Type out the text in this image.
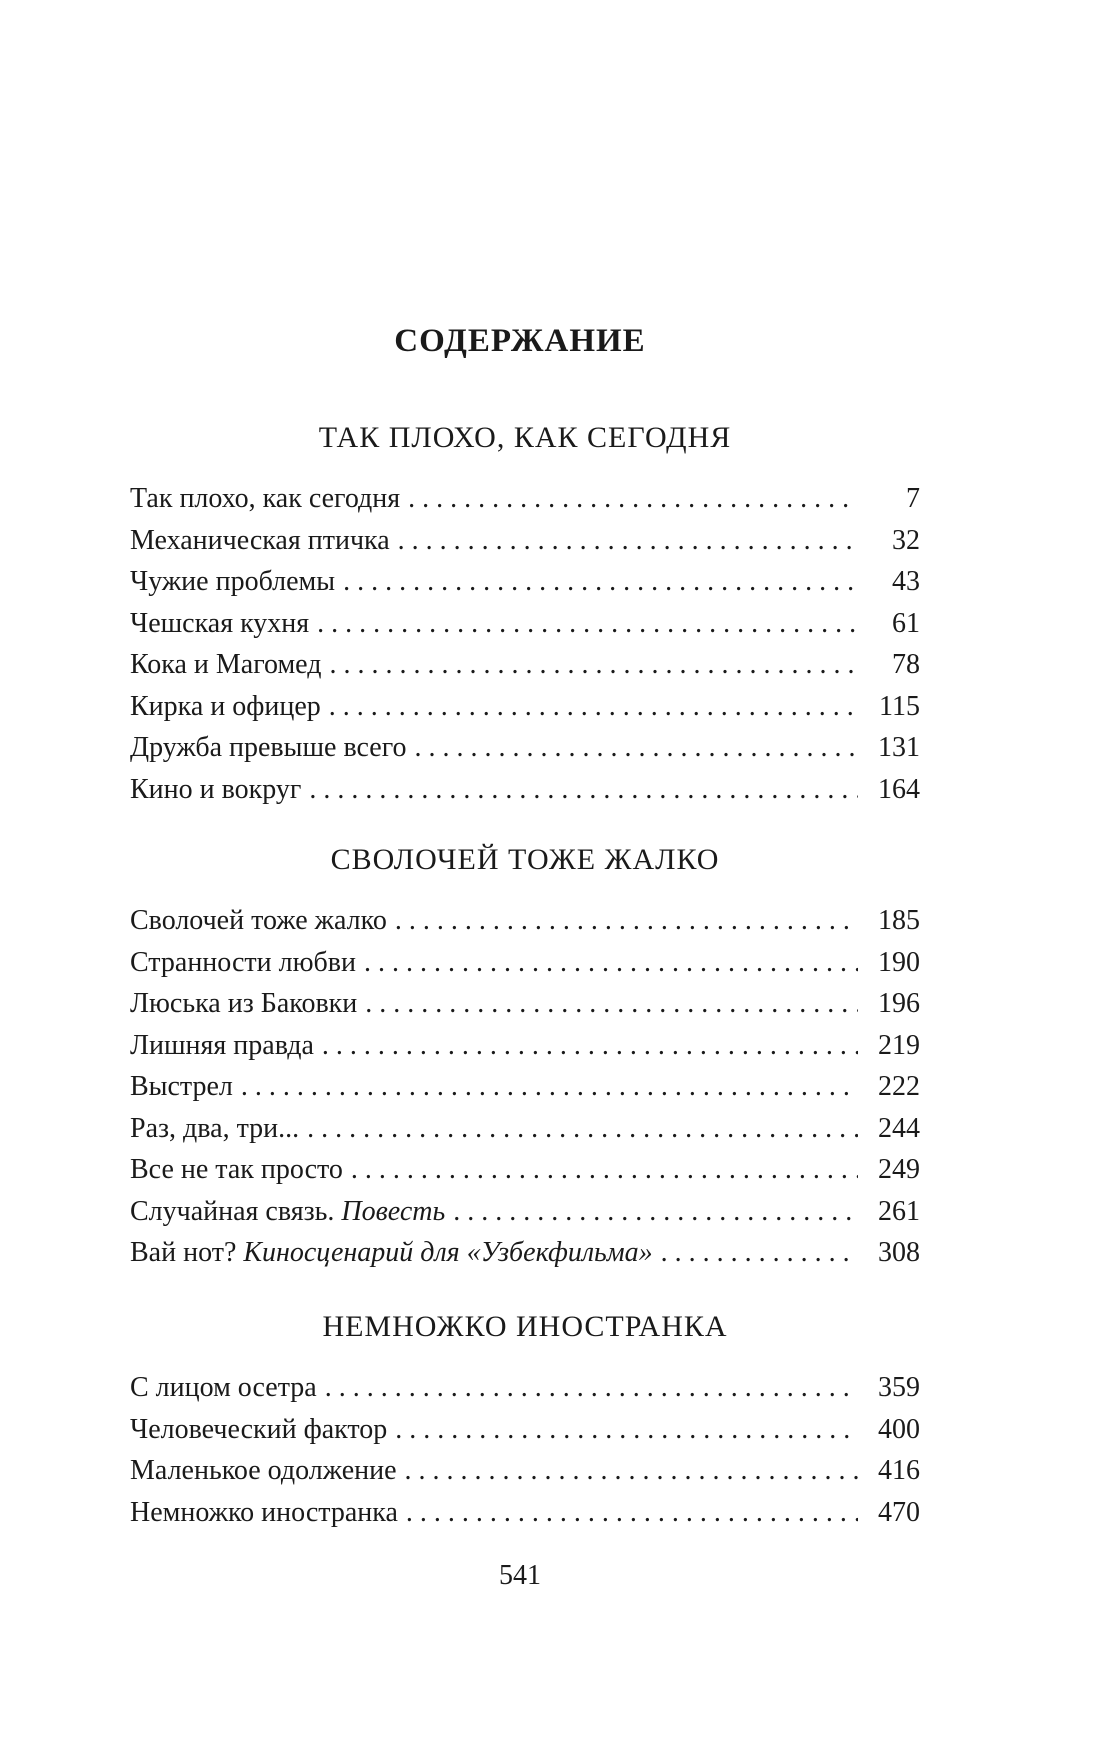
СОДЕРЖАНИЕ
ТАК ПЛОХО, КАК СЕГОДНЯ
Так плохо, как сегодня . . .	7
Механическая птичка . . .	32
Чужие проблемы . . .	43
Чешская кухня . . .	61
Кока и Магомед . . .	78
Кирка и офицер . . .	115
Дружба превыше всего . . .	131
Кино и вокруг . . .	164
СВОЛОЧЕЙ ТОЖЕ ЖАЛКО
Сволочей тоже жалко . . .	185
Странности любви . . .	190
Люська из Баковки . . .	196
Лишняя правда . . .	219
Выстрел . . .	222
Раз, два, три... . . .	244
Все не так просто . . .	249
Случайная связь. Повесть . . .	261
Вай нот? Киносценарий для «Узбекфильма» . . .	308
НЕМНОЖКО ИНОСТРАНКА
С лицом осетра . . .	359
Человеческий фактор . . .	400
Маленькое одолжение . . .	416
Немножко иностранка . . .	470
541
